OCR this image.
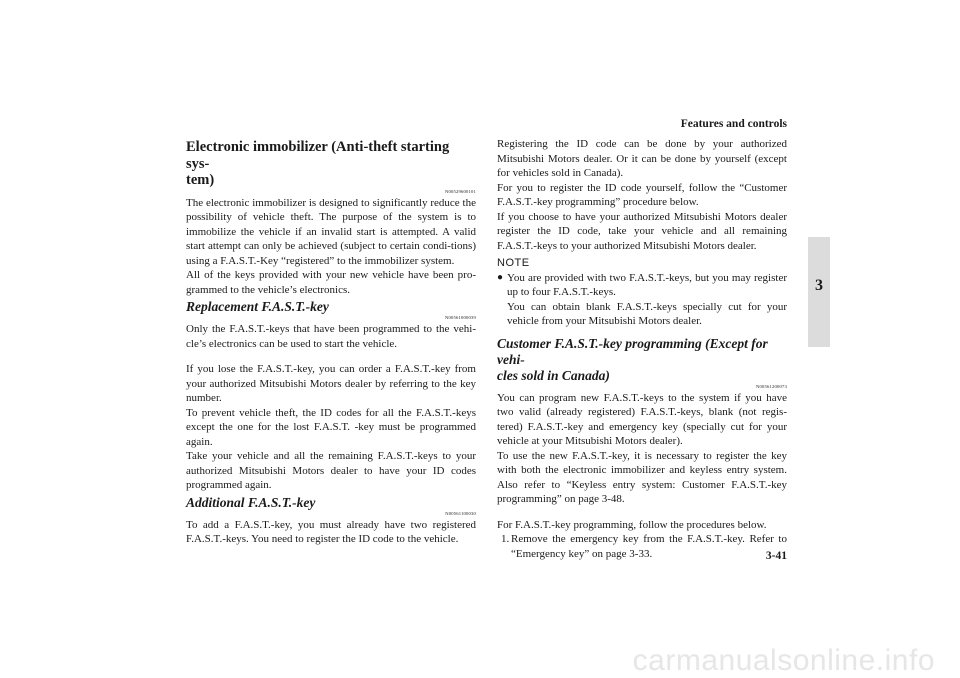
Features and controls
3
Electronic immobilizer (Anti-theft starting sys-
tem)
N00529600101

The electronic immobilizer is designed to significantly reduce the possibility of vehicle theft. The purpose of the system is to immobilize the vehicle if an invalid start is attempted. A valid start attempt can only be achieved (subject to certain condi-tions) using a F.A.S.T.-Key “registered” to the immobilizer system.

All of the keys provided with your new vehicle have been pro-grammed to the vehicle’s electronics.

Replacement F.A.S.T.-key
N00561000039

Only the F.A.S.T.-keys that have been programmed to the vehi-cle’s electronics can be used to start the vehicle.

If you lose the F.A.S.T.-key, you can order a F.A.S.T.-key from your authorized Mitsubishi Motors dealer by referring to the key number.

To prevent vehicle theft, the ID codes for all the F.A.S.T.-keys except the one for the lost F.A.S.T. -key must be programmed again.

Take your vehicle and all the remaining F.A.S.T.-keys to your authorized Mitsubishi Motors dealer to have your ID codes programmed again.

Additional F.A.S.T.-key
N00561100030

To add a F.A.S.T.-key, you must already have two registered F.A.S.T.-keys. You need to register the ID code to the vehicle.

Registering the ID code can be done by your authorized Mitsubishi Motors dealer. Or it can be done by yourself (except for vehicles sold in Canada).

For you to register the ID code yourself, follow the “Customer F.A.S.T.-key programming” procedure below.

If you choose to have your authorized Mitsubishi Motors dealer register the ID code, take your vehicle and all remaining F.A.S.T.-keys to your authorized Mitsubishi Motors dealer.

NOTE
● You are provided with two F.A.S.T.-keys, but you may register up to four F.A.S.T.-keys.

You can obtain blank F.A.S.T.-keys specially cut for your vehicle from your Mitsubishi Motors dealer.

Customer F.A.S.T.-key programming (Except for vehi-
cles sold in Canada)
N00561200073

You can program new F.A.S.T.-keys to the system if you have two valid (already registered) F.A.S.T.-keys, blank (not regis-tered) F.A.S.T.-key and emergency key (specially cut for your vehicle at your Mitsubishi Motors dealer).

To use the new F.A.S.T.-key, it is necessary to register the key with both the electronic immobilizer and keyless entry system. Also refer to “Keyless entry system: Customer F.A.S.T.-key programming” on page 3-48.

For F.A.S.T.-key programming, follow the procedures below.

1. Remove the emergency key from the F.A.S.T.-key. Refer to “Emergency key” on page 3-33.	3-41
carmanualsonline.info
